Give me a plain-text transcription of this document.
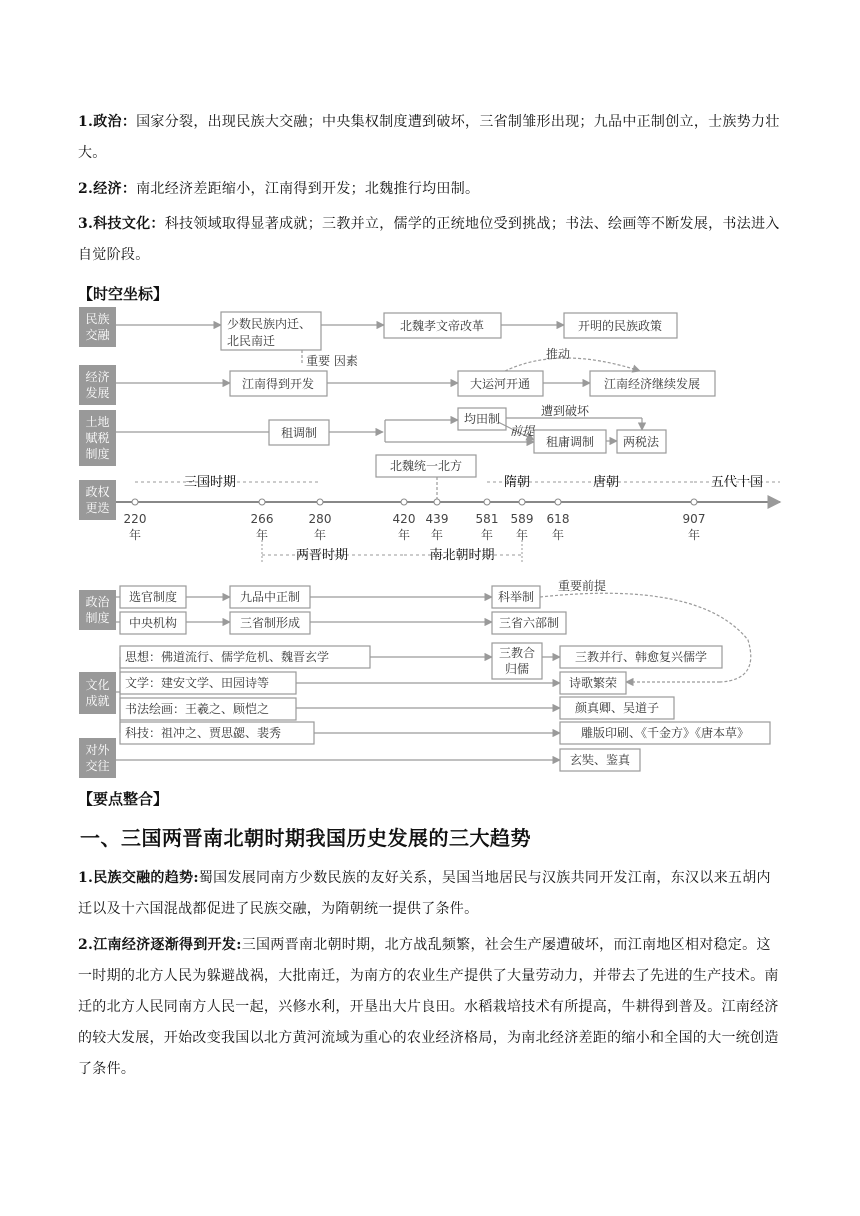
1.政治：国家分裂，出现民族大交融；中央集权制度遭到破坏，三省制雏形出现；九品中正制创立，士族势力壮大。
2.经济：南北经济差距缩小，江南得到开发；北魏推行均田制。
3.科技文化：科技领域取得显著成就；三教并立，儒学的正统地位受到挑战；书法、绘画等不断发展，书法进入自觉阶段。
【时空坐标】
民族
交融
经济
发展
土地
赋税
制度
政权
更迭
政治
制度
文化
成就
对外
交往
220
年
266
年
280
年
420
年
439
年
581
年
589
年
618
年
907
年
三国时期	隋朝	唐朝	五代十国
两晋时期	南北朝时期
少数民族内迁、
北民南迁
北魏孝文帝改革	开明的民族政策
重要 因素
江南得到开发	大运河开通	江南经济继续发展
推动
租调制
均田制
遭到破坏
前提
租庸调制 两税法
北魏统一北方
选官制度	九品中正制	科举制
重要前提
中央机构	三省制形成	三省六部制
思想：佛道流行、儒学危机、魏晋玄学	三教合
归儒
三教并行、韩愈复兴儒学
文学：建安文学、田园诗等	诗歌繁荣
书法绘画：王羲之、顾恺之	颜真卿、吴道子
科技：祖冲之、贾思勰、裴秀	雕版印刷、《千金方》《唐本草》
玄奘、鉴真
【要点整合】
一、三国两晋南北朝时期我国历史发展的三大趋势
1.民族交融的趋势:蜀国发展同南方少数民族的友好关系，吴国当地居民与汉族共同开发江南，东汉以来五胡内迁以及十六国混战都促进了民族交融，为隋朝统一提供了条件。
2.江南经济逐渐得到开发:三国两晋南北朝时期，北方战乱频繁，社会生产屡遭破坏，而江南地区相对稳定。这一时期的北方人民为躲避战祸，大批南迁，为南方的农业生产提供了大量劳动力，并带去了先进的生产技术。南迁的北方人民同南方人民一起，兴修水利，开垦出大片良田。水稻栽培技术有所提高，牛耕得到普及。江南经济的较大发展，开始改变我国以北方黄河流域为重心的农业经济格局，为南北经济差距的缩小和全国的大一统创造了条件。
